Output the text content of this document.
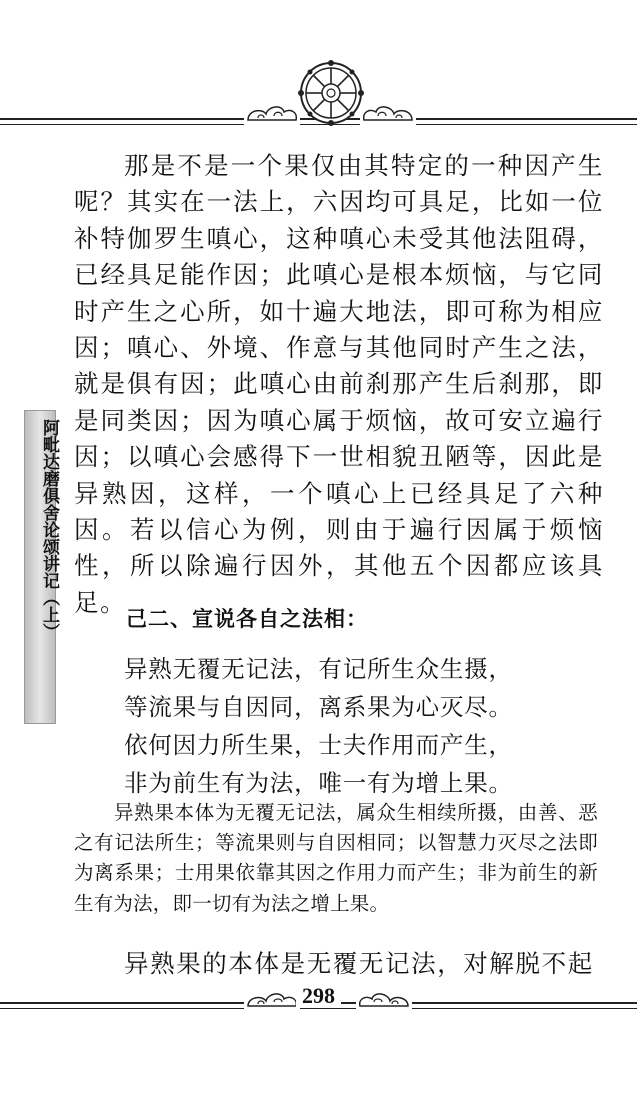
阿毗达磨俱舍论颂讲记（上）

那是不是一个果仅由其特定的一种因产生呢？其实在一法上，六因均可具足，比如一位补特伽罗生嗔心，这种嗔心未受其他法阻碍，已经具足能作因；此嗔心是根本烦恼，与它同时产生之心所，如十遍大地法，即可称为相应因；嗔心、外境、作意与其他同时产生之法，就是俱有因；此嗔心由前刹那产生后刹那，即是同类因；因为嗔心属于烦恼，故可安立遍行因；以嗔心会感得下一世相貌丑陋等，因此是异熟因，这样，一个嗔心上已经具足了六种因。若以信心为例，则由于遍行因属于烦恼性，所以除遍行因外，其他五个因都应该具足。

己二、宣说各自之法相：
异熟无覆无记法，有记所生众生摄，
等流果与自因同，离系果为心灭尽。
依何因力所生果，士夫作用而产生，
非为前生有为法，唯一有为增上果。

异熟果本体为无覆无记法，属众生相续所摄，由善、恶之有记法所生；等流果则与自因相同；以智慧力灭尽之法即为离系果；士用果依靠其因之作用力而产生；非为前生的新生有为法，即一切有为法之增上果。

异熟果的本体是无覆无记法，对解脱不起

298
